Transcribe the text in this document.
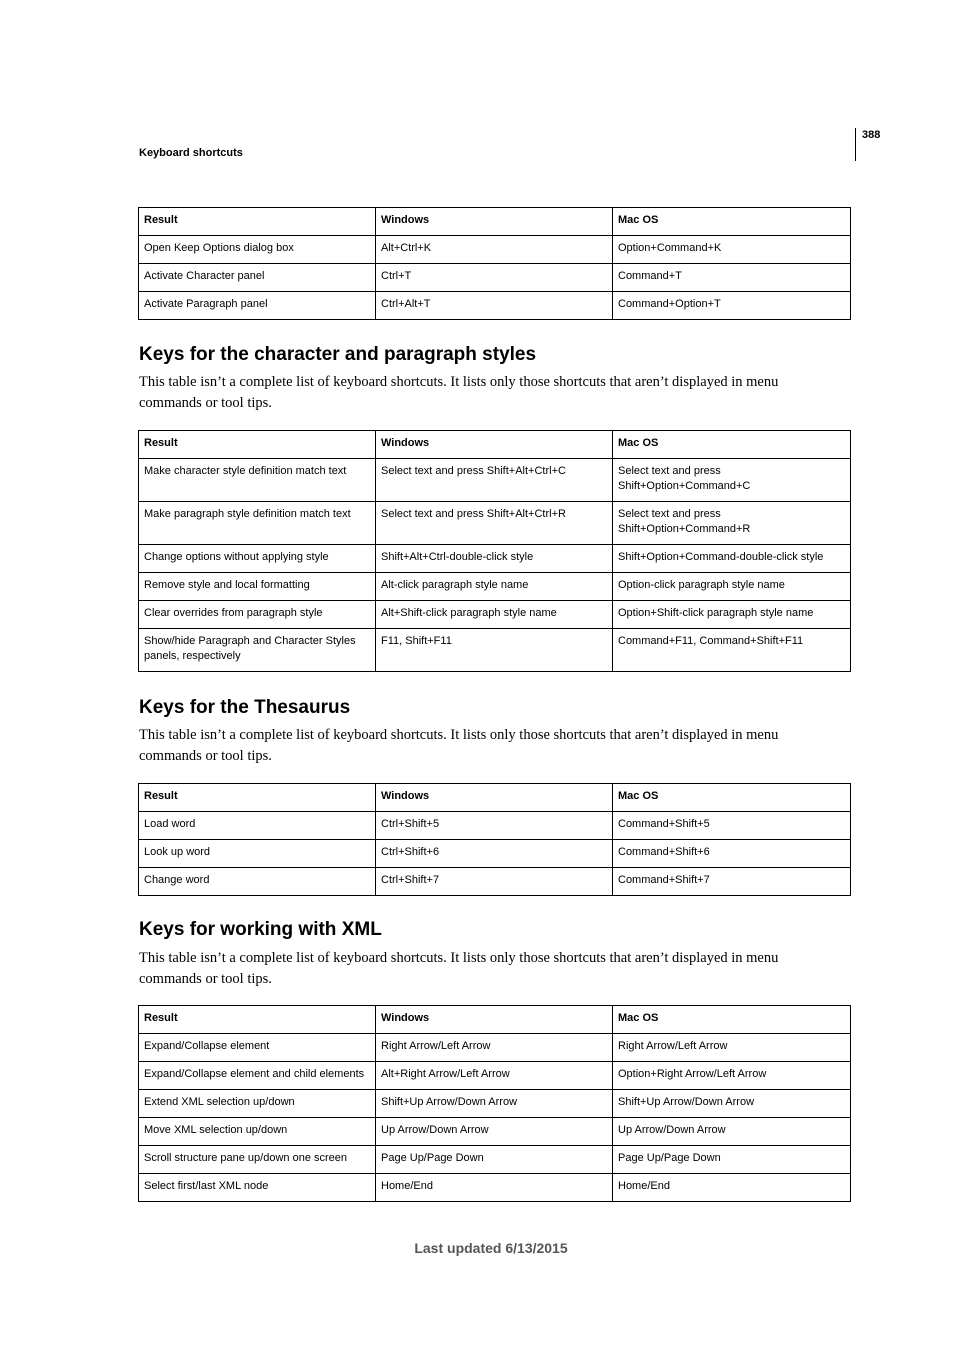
Keyboard shortcuts
388
Result	Windows	Mac OS
Open Keep Options dialog box	Alt+Ctrl+K	Option+Command+K
Activate Character panel	Ctrl+T	Command+T
Activate Paragraph panel	Ctrl+Alt+T	Command+Option+T
Keys for the character and paragraph styles

This table isn’t a complete list of keyboard shortcuts. It lists only those shortcuts that aren’t displayed in menu commands or tool tips.

Result	Windows	Mac OS
Make character style definition match text	Select text and press Shift+Alt+Ctrl+C	Select text and press Shift+Option+Command+C
Make paragraph style definition match text	Select text and press Shift+Alt+Ctrl+R	Select text and press Shift+Option+Command+R
Change options without applying style	Shift+Alt+Ctrl-double-click style	Shift+Option+Command-double-click style
Remove style and local formatting	Alt-click paragraph style name	Option-click paragraph style name
Clear overrides from paragraph style	Alt+Shift-click paragraph style name	Option+Shift-click paragraph style name
Show/hide Paragraph and Character Styles panels, respectively	F11, Shift+F11	Command+F11, Command+Shift+F11
Keys for the Thesaurus

This table isn’t a complete list of keyboard shortcuts. It lists only those shortcuts that aren’t displayed in menu commands or tool tips.

Result	Windows	Mac OS
Load word	Ctrl+Shift+5	Command+Shift+5
Look up word	Ctrl+Shift+6	Command+Shift+6
Change word	Ctrl+Shift+7	Command+Shift+7
Keys for working with XML

This table isn’t a complete list of keyboard shortcuts. It lists only those shortcuts that aren’t displayed in menu commands or tool tips.

Result	Windows	Mac OS
Expand/Collapse element	Right Arrow/Left Arrow	Right Arrow/Left Arrow
Expand/Collapse element and child elements	Alt+Right Arrow/Left Arrow	Option+Right Arrow/Left Arrow
Extend XML selection up/down	Shift+Up Arrow/Down Arrow	Shift+Up Arrow/Down Arrow
Move XML selection up/down	Up Arrow/Down Arrow	Up Arrow/Down Arrow
Scroll structure pane up/down one screen	Page Up/Page Down	Page Up/Page Down
Select first/last XML node	Home/End	Home/End
Last updated 6/13/2015
